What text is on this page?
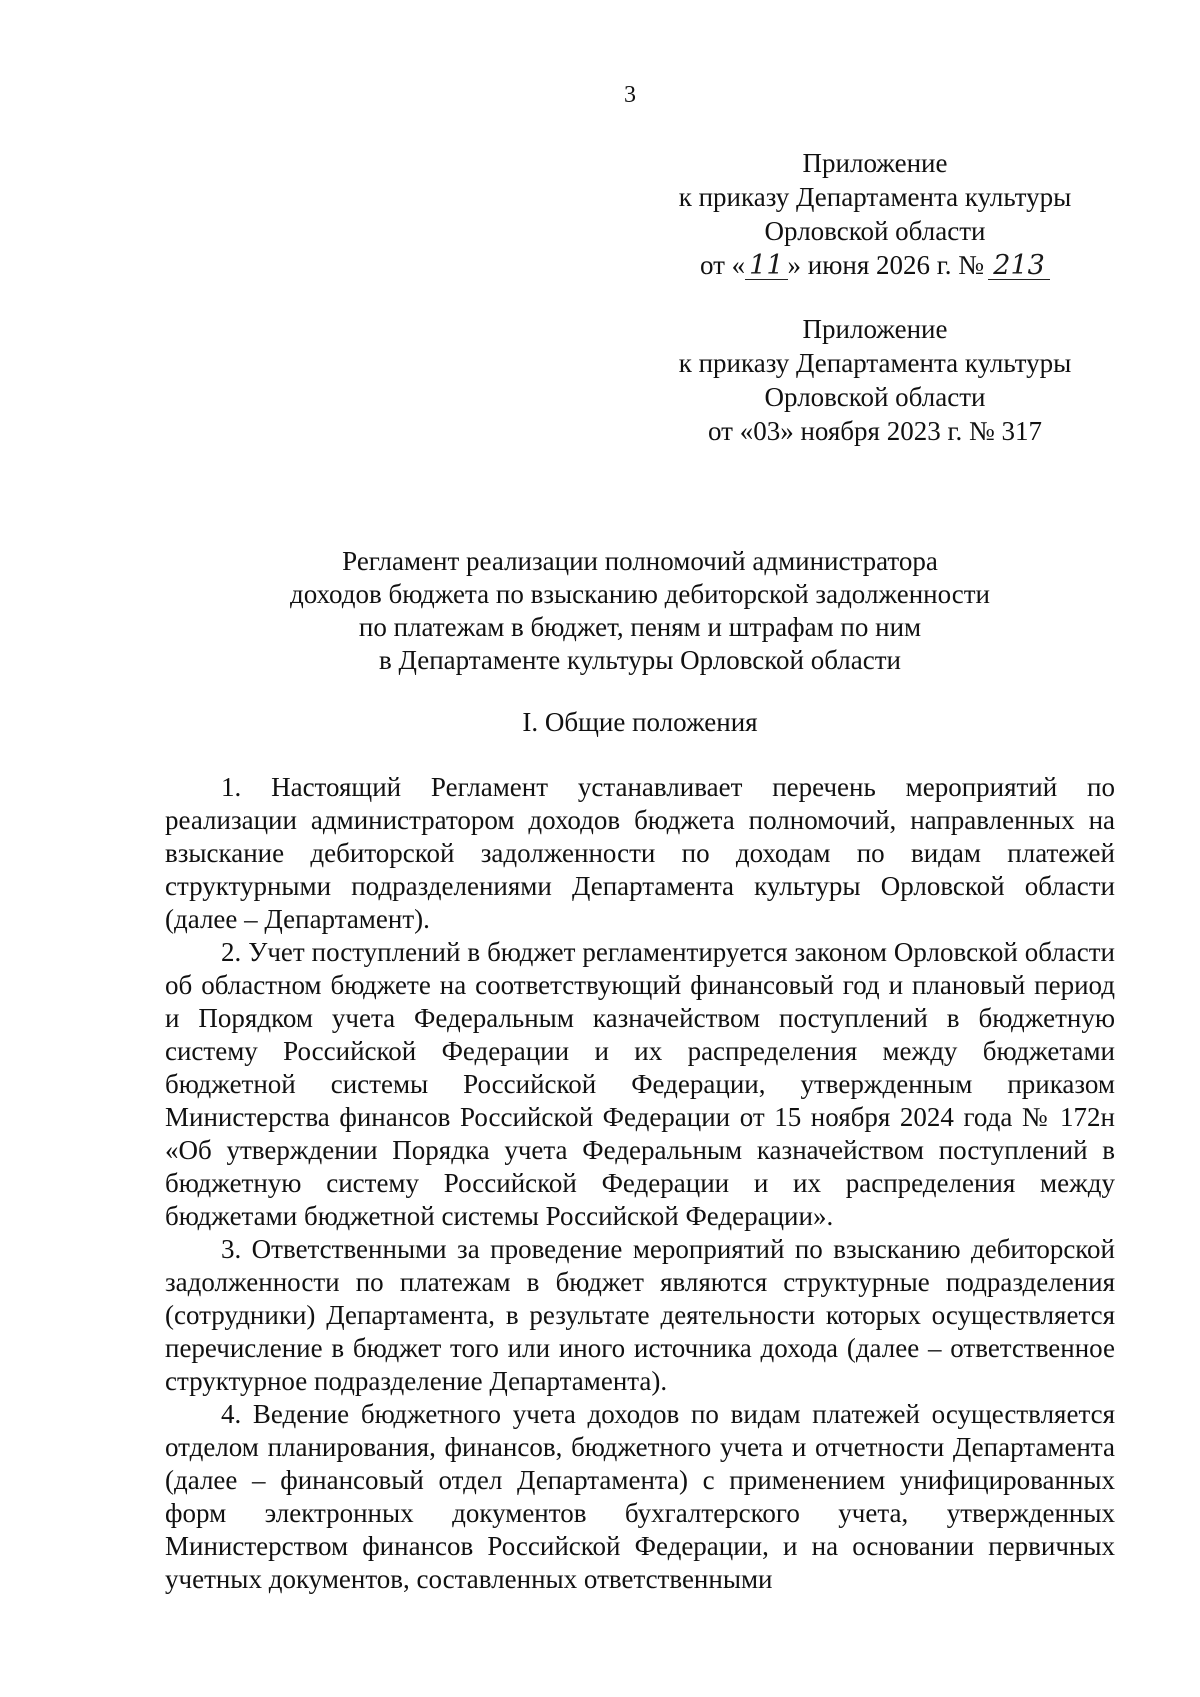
3
Приложение
к приказу Департамента культуры
Орловской области
от « 11 » июня 2026 г. № 213
Приложение
к приказу Департамента культуры
Орловской области
от «03» ноября 2023 г. № 317
Регламент реализации полномочий администратора
доходов бюджета по взысканию дебиторской задолженности
по платежам в бюджет, пеням и штрафам по ним
в Департаменте культуры Орловской области
I. Общие положения

1. Настоящий Регламент устанавливает перечень мероприятий по реализации администратором доходов бюджета полномочий, направленных на взыскание дебиторской задолженности по доходам по видам платежей структурными подразделениями Департамента культуры Орловской области (далее – Департамент).

2. Учет поступлений в бюджет регламентируется законом Орловской области об областном бюджете на соответствующий финансовый год и плановый период и Порядком учета Федеральным казначейством поступлений в бюджетную систему Российской Федерации и их распределения между бюджетами бюджетной системы Российской Федерации, утвержденным приказом Министерства финансов Российской Федерации от 15 ноября 2024 года № 172н «Об утверждении Порядка учета Федеральным казначейством поступлений в бюджетную систему Российской Федерации и их распределения между бюджетами бюджетной системы Российской Федерации».

3. Ответственными за проведение мероприятий по взысканию дебиторской задолженности по платежам в бюджет являются структурные подразделения (сотрудники) Департамента, в результате деятельности которых осуществляется перечисление в бюджет того или иного источника дохода (далее – ответственное структурное подразделение Департамента).

4. Ведение бюджетного учета доходов по видам платежей осуществляется отделом планирования, финансов, бюджетного учета и отчетности Департамента (далее – финансовый отдел Департамента) с применением унифицированных форм электронных документов бухгалтерского учета, утвержденных Министерством финансов Российской Федерации, и на основании первичных учетных документов, составленных ответственными
